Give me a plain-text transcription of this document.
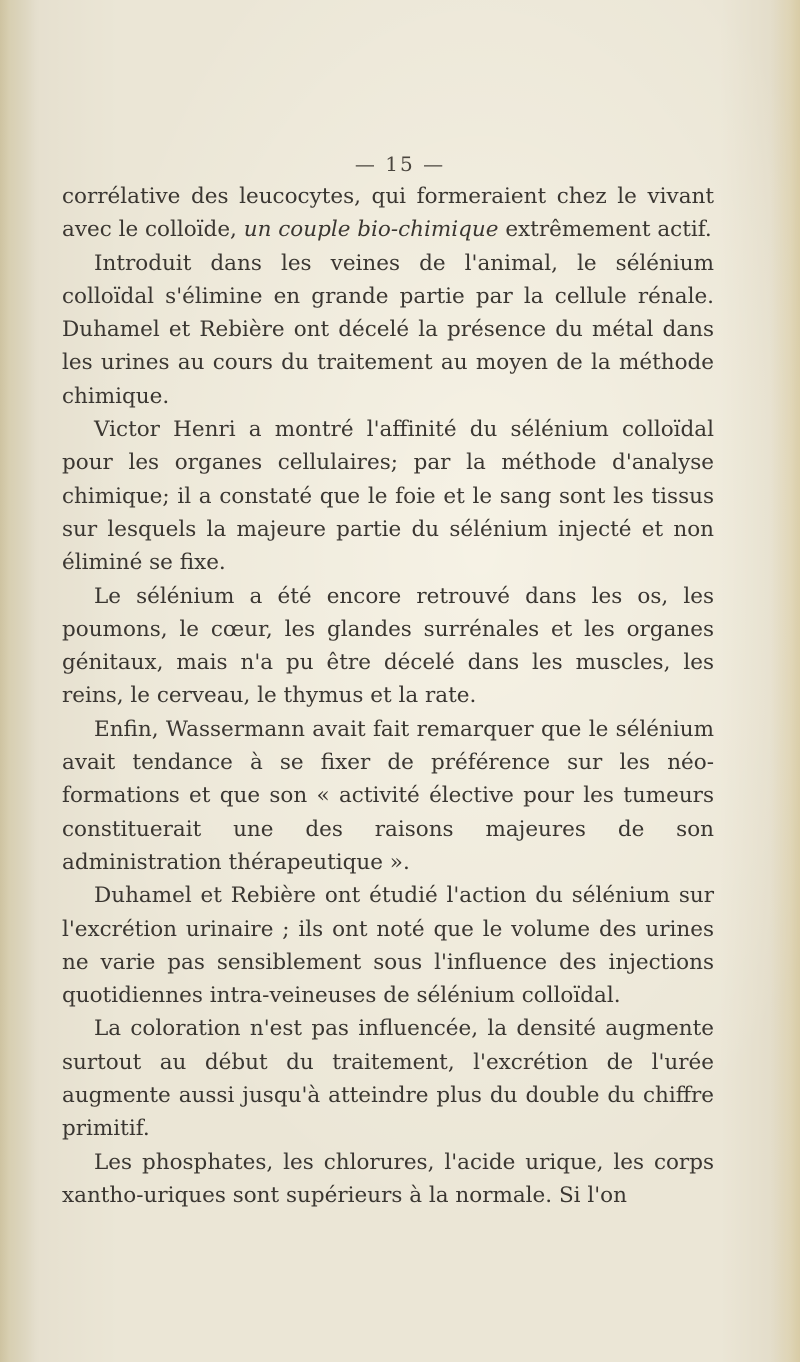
— 15 —

corrélative des leucocytes, qui formeraient chez le vivant avec le colloïde, un couple bio-chimique extrêmement actif.

Introduit dans les veines de l'animal, le sélénium colloïdal s'élimine en grande partie par la cellule rénale. Duhamel et Rebière ont décelé la présence du métal dans les urines au cours du traitement au moyen de la méthode chimique.

Victor Henri a montré l'affinité du sélénium colloïdal pour les organes cellulaires; par la méthode d'analyse chimique; il a constaté que le foie et le sang sont les tissus sur lesquels la majeure partie du sélénium injecté et non éliminé se fixe.

Le sélénium a été encore retrouvé dans les os, les poumons, le cœur, les glandes surrénales et les organes génitaux, mais n'a pu être décelé dans les muscles, les reins, le cerveau, le thymus et la rate.

Enfin, Wassermann avait fait remarquer que le sélénium avait tendance à se fixer de préférence sur les néo-formations et que son « activité élective pour les tumeurs constituerait une des raisons majeures de son administration thérapeutique ».

Duhamel et Rebière ont étudié l'action du sélénium sur l'excrétion urinaire ; ils ont noté que le volume des urines ne varie pas sensiblement sous l'influence des injections quotidiennes intra-veineuses de sélénium colloïdal.

La coloration n'est pas influencée, la densité augmente surtout au début du traitement, l'excrétion de l'urée augmente aussi jusqu'à atteindre plus du double du chiffre primitif.

Les phosphates, les chlorures, l'acide urique, les corps xantho-uriques sont supérieurs à la normale. Si l'on
